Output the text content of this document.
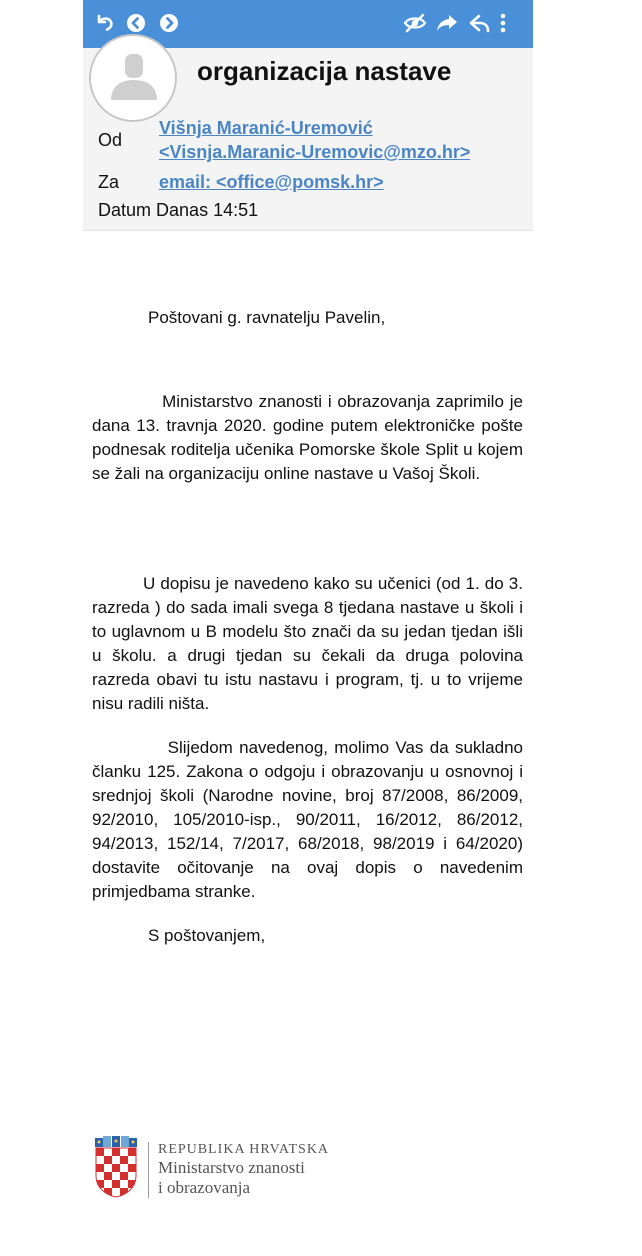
organizacija nastave
Od
Višnja Maranić-Uremović
<Visnja.Maranic-Uremovic@mzo.hr>
Za email: <office@pomsk.hr>
Datum Danas 14:51
Poštovani g. ravnatelju Pavelin,
Ministarstvo znanosti i obrazovanja zaprimilo je dana 13. travnja 2020. godine putem elektroničke pošte podnesak roditelja učenika Pomorske škole Split u kojem se žali na organizaciju online nastave u Vašoj Školi.
U dopisu je navedeno kako su učenici (od 1. do 3. razreda ) do sada imali svega 8 tjedana nastave u školi i to uglavnom u B modelu što znači da su jedan tjedan išli u školu. a drugi tjedan su čekali da druga polovina razreda obavi tu istu nastavu i program, tj. u to vrijeme nisu radili ništa.
Slijedom navedenog, molimo Vas da sukladno članku 125. Zakona o odgoju i obrazovanju u osnovnoj i srednjoj školi (Narodne novine, broj 87/2008, 86/2009, 92/2010, 105/2010-isp., 90/2011, 16/2012, 86/2012, 94/2013, 152/14, 7/2017, 68/2018, 98/2019 i 64/2020) dostavite očitovanje na ovaj dopis o navedenim primjedbama stranke.
S poštovanjem,
REPUBLIKA HRVATSKA
Ministarstvo znanosti
i obrazovanja
